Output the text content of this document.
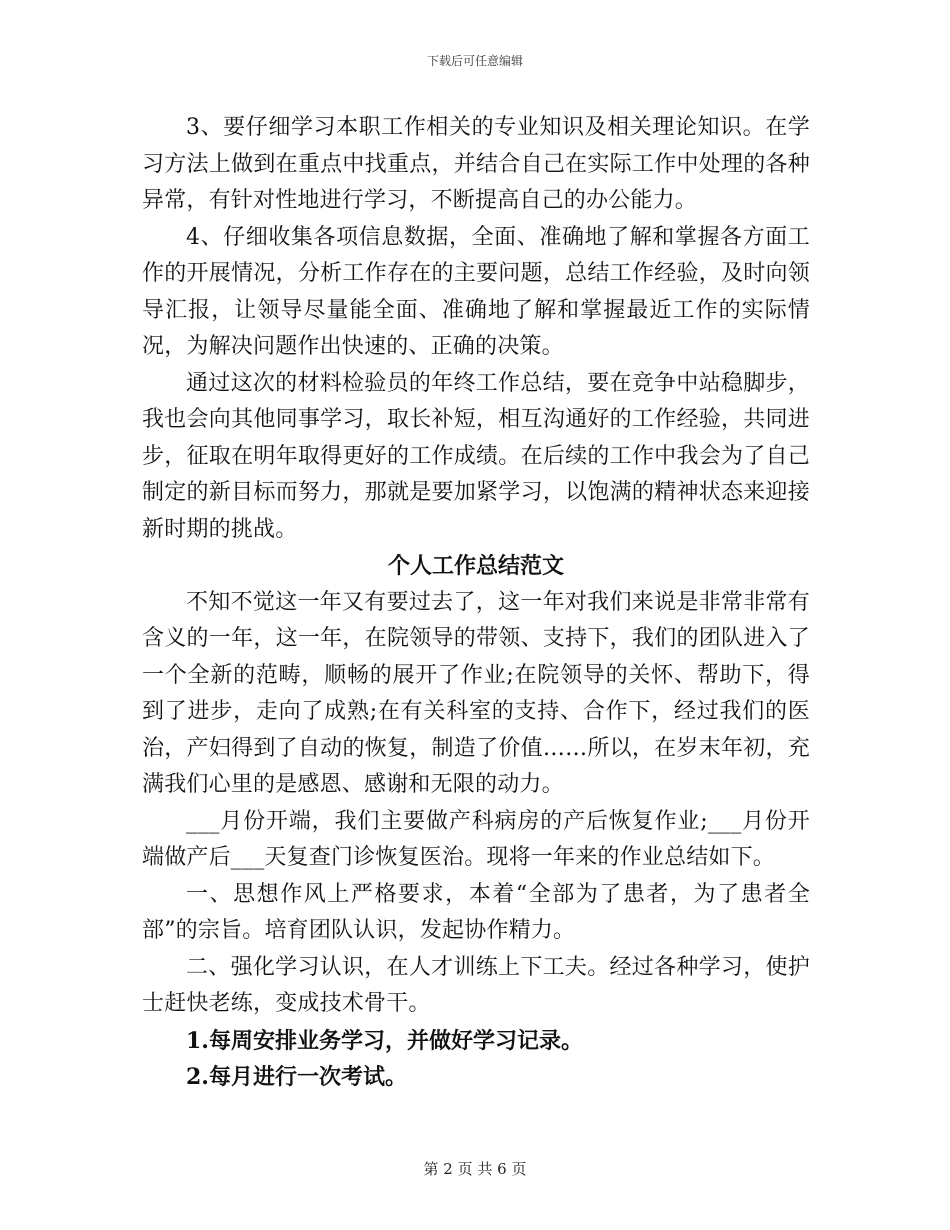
下载后可任意编辑

3、要仔细学习本职工作相关的专业知识及相关理论知识。在学习方法上做到在重点中找重点，并结合自己在实际工作中处理的各种异常，有针对性地进行学习，不断提高自己的办公能力。

4、仔细收集各项信息数据，全面、准确地了解和掌握各方面工作的开展情况，分析工作存在的主要问题，总结工作经验，及时向领导汇报，让领导尽量能全面、准确地了解和掌握最近工作的实际情况，为解决问题作出快速的、正确的决策。

通过这次的材料检验员的年终工作总结，要在竞争中站稳脚步，我也会向其他同事学习，取长补短，相互沟通好的工作经验，共同进步，征取在明年取得更好的工作成绩。在后续的工作中我会为了自己制定的新目标而努力，那就是要加紧学习，以饱满的精神状态来迎接新时期的挑战。

个人工作总结范文

不知不觉这一年又有要过去了，这一年对我们来说是非常非常有含义的一年，这一年，在院领导的带领、支持下，我们的团队进入了一个全新的范畴，顺畅的展开了作业;在院领导的关怀、帮助下，得到了进步，走向了成熟;在有关科室的支持、合作下，经过我们的医治，产妇得到了自动的恢复，制造了价值……所以，在岁末年初，充满我们心里的是感恩、感谢和无限的动力。

___月份开端，我们主要做产科病房的产后恢复作业;___月份开端做产后___天复查门诊恢复医治。现将一年来的作业总结如下。

一、思想作风上严格要求，本着“全部为了患者，为了患者全部”的宗旨。培育团队认识，发起协作精力。

二、强化学习认识，在人才训练上下工夫。经过各种学习，使护士赶快老练，变成技术骨干。

1.每周安排业务学习，并做好学习记录。

2.每月进行一次考试。

第 2 页 共 6 页
